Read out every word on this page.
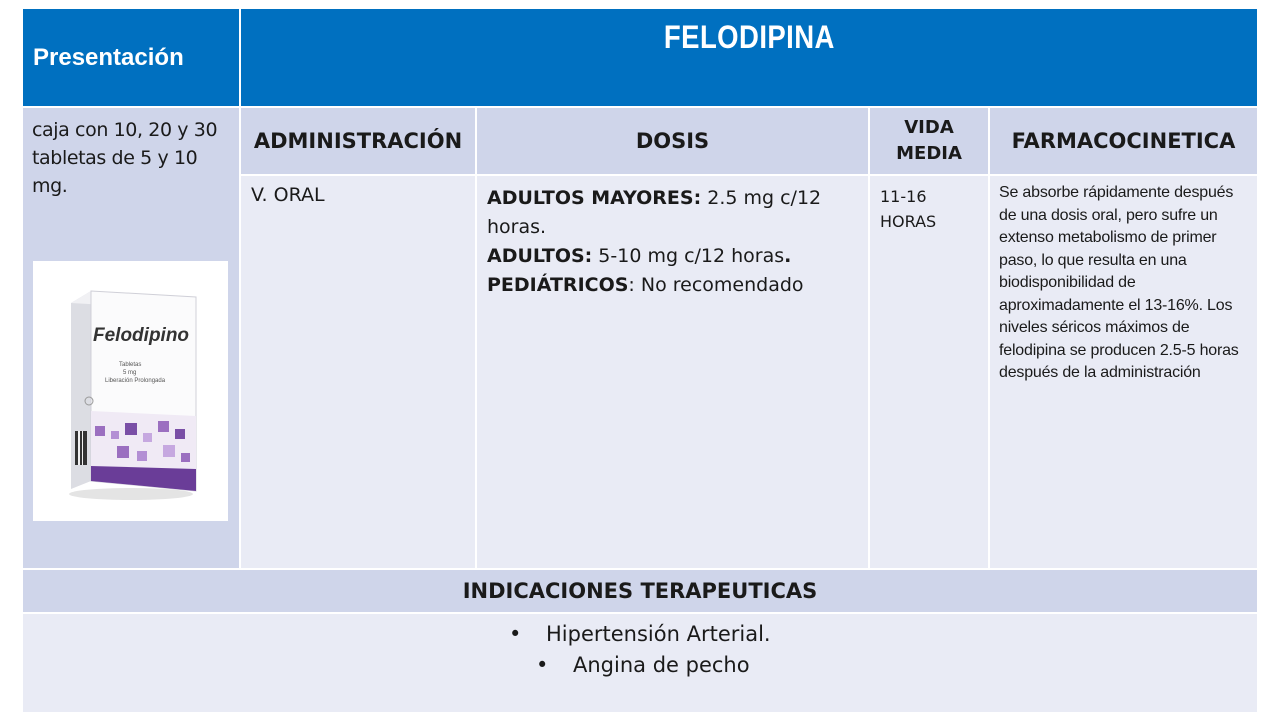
Presentación
FELODIPINA
caja con 10, 20 y 30 tabletas de 5 y 10 mg.
Felodipino
Tabletas
5 mg
Liberación Prolongada
ADMINISTRACIÓN	DOSIS
VIDA
MEDIA
FARMACOCINETICA
V. ORAL	ADULTOS MAYORES: 2.5 mg c/12 horas.
ADULTOS: 5-10 mg c/12 horas.
PEDIÁTRICOS: No recomendado
11-16
HORAS
Se absorbe rápidamente después de una dosis oral, pero sufre un extenso metabolismo de primer paso, lo que resulta en una biodisponibilidad de aproximadamente el 13-16%. Los niveles séricos máximos de felodipina se producen 2.5-5 horas después de la administración
INDICACIONES TERAPEUTICAS
• Hipertensión Arterial.
• Angina de pecho
